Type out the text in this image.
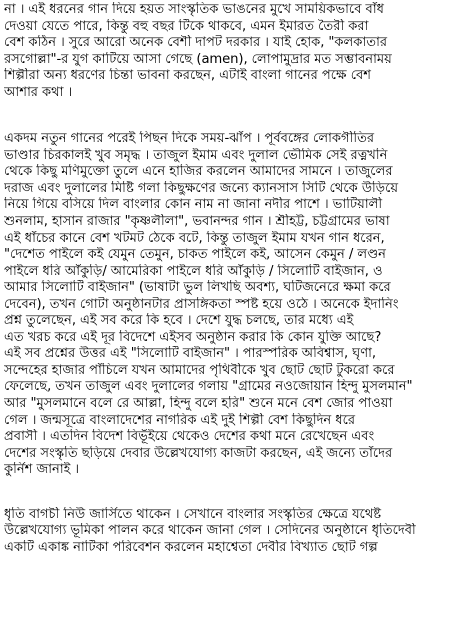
না । এই ধরনের গান দিয়ে হয়ত সাংস্কৃতিক ভাঙনের মুখে সাময়িকভাবে বাঁধ
দেওয়া যেতে পারে, কিন্তু বহু বছর টিকে থাকবে, এমন ইমারত তৈরী করা
বেশ কঠিন । সুরে আরো অনেক বেশী দাপট দরকার । যাই হোক, "কলকাতার
রসগোল্লা"-র যুগ কাটিয়ে আসা গেছে (amen), লোপামুদ্রার মত সম্ভাবনাময়
শিল্পীরা অন্য ধরণের চিন্তা ভাবনা করছেন, এটাই বাংলা গানের পক্ষে বেশ
আশার কথা ।
একদম নতুন গানের পরেই পিছন দিকে সময়-ঝাঁপ । পূর্ববঙ্গের লোকগীতির
ভাণ্ডার চিরকালই খুব সমৃদ্ধ । তাজুল ইমাম এবং দুলাল ভৌমিক সেই রত্নখনি
থেকে কিছু মণিমুক্তো তুলে এনে হাজির করলেন আমাদের সামনে । তাজুলের
দরাজ এবং দুলালের মিষ্টি গলা কিছুক্ষণের জন্যে ক্যানসাস সিটি থেকে উড়িয়ে
নিয়ে গিয়ে বসিয়ে দিল বাংলার কোন নাম না জানা নদীর পাশে । ভাটিয়ালী
শুনলাম, হাসান রাজার "কৃষ্ণলীলা", ভবানন্দর গান । শ্রীহট্ট, চট্টগ্রামের ভাষা
এই ধাঁচের কানে বেশ খটমট ঠেকে বটে, কিন্তু তাজুল ইমাম যখন গান ধরেন,
"দেশেত পাইলে কই যেমুন তেমুন, চাকত পাইলে কই, আসেন কেমুন / লণ্ডন
পাইলে ধরি আঁকুড়ি/ আমেরিকা পাইলে ধরি আঁকুড়ি / সিলোটি বাইজান, ও
আমার সিলোটি বাইজান" (ভাষাটা ভুল লিখছি অবশ্য, ঘটিজনেরে ক্ষমা করে
দেবেন), তখন গোটা অনুষ্ঠানটার প্রাসঙ্গিকতা স্পষ্ট হয়ে ওঠে । অনেকে ইদানিং
প্রশ্ন তুলেছেন, এই সব করে কি হবে । দেশে যুদ্ধ চলছে, তার মধ্যে এই
এত খরচ করে এই দূর বিদেশে এইসব অনুষ্ঠান করার কি কোন যুক্তি আছে?
এই সব প্রশ্নের উত্তর এই "সিলোটি বাইজান" । পারস্পরিক অবিশ্বাস, ঘৃণা,
সন্দেহের হাজার পাঁচিলে যখন আমাদের পৃথিবীকে খুব ছোট ছোট টুকরো করে
ফেলেছে, তখন তাজুল এবং দুলালের গলায় "গ্রামের নওজোয়ান হিন্দু মুসলমান"
আর "মুসলমানে বলে রে আল্লা, হিন্দু বলে হরি" শুনে মনে বেশ জোর পাওয়া
গেল । জন্মসূত্রে বাংলাদেশের নাগরিক এই দুই শিল্পী বেশ কিছুদিন ধরে
প্রবাসী । এতদিন বিদেশ বিভূঁইয়ে থেকেও দেশের কথা মনে রেখেছেন এবং
দেশের সংস্কৃতি ছড়িয়ে দেবার উল্লেখযোগ্য কাজটা করছেন, এই জন্যে তাঁদের
কুর্নিশ জানাই ।
ধৃতি বাগচী নিউ জার্সিতে থাকেন । সেখানে বাংলার সংস্কৃতির ক্ষেত্রে যথেষ্ট
উল্লেখযোগ্য ভূমিকা পালন করে থাকেন জানা গেল । সেদিনের অনুষ্ঠানে ধৃতিদেবী
একটি একাঙ্ক নাটিকা পরিবেশন করলেন মহাশ্বেতা দেবীর বিখ্যাত ছোট গল্প
